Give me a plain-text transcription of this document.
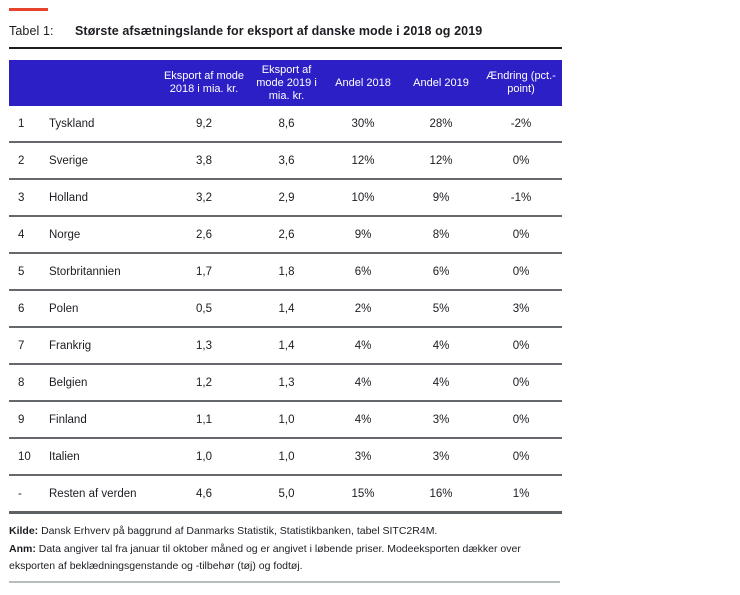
Tabel 1:	Største afsætningslande for eksport af danske mode i 2018 og 2019
		Eksport af mode 2018 i mia. kr.	Eksport af mode 2019 i mia. kr.	Andel 2018	Andel 2019	Ændring (pct.-point)
1	Tyskland	9,2	8,6	30%	28%	-2%
2	Sverige	3,8	3,6	12%	12%	0%
3	Holland	3,2	2,9	10%	9%	-1%
4	Norge	2,6	2,6	9%	8%	0%
5	Storbritannien	1,7	1,8	6%	6%	0%
6	Polen	0,5	1,4	2%	5%	3%
7	Frankrig	1,3	1,4	4%	4%	0%
8	Belgien	1,2	1,3	4%	4%	0%
9	Finland	1,1	1,0	4%	3%	0%
10	Italien	1,0	1,0	3%	3%	0%
-	Resten af verden	4,6	5,0	15%	16%	1%
Kilde: Dansk Erhverv på baggrund af Danmarks Statistik, Statistikbanken, tabel SITC2R4M.
Anm: Data angiver tal fra januar til oktober måned og er angivet i løbende priser. Modeeksporten dækker over eksporten af beklædningsgenstande og -tilbehør (tøj) og fodtøj.
